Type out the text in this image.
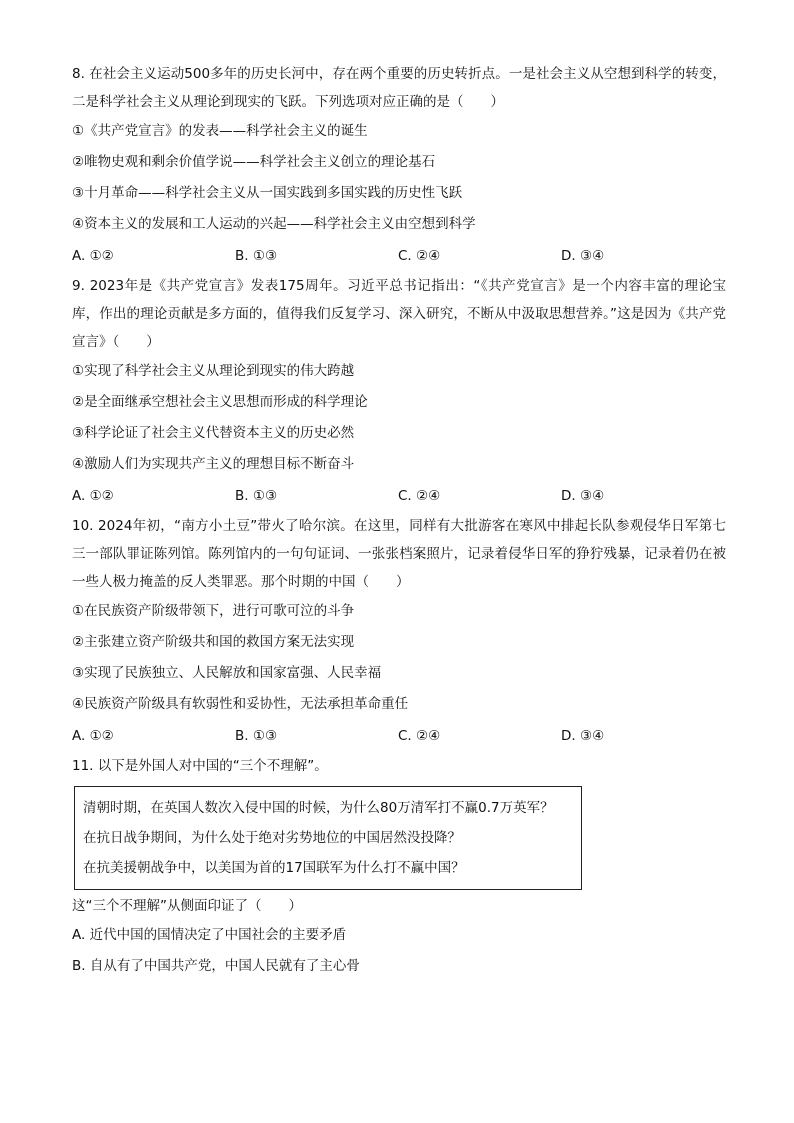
8. 在社会主义运动500多年的历史长河中，存在两个重要的历史转折点。一是社会主义从空想到科学的转变，二是科学社会主义从理论到现实的飞跃。下列选项对应正确的是（　　）

①《共产党宣言》的发表——科学社会主义的诞生

②唯物史观和剩余价值学说——科学社会主义创立的理论基石

③十月革命——科学社会主义从一国实践到多国实践的历史性飞跃

④资本主义的发展和工人运动的兴起——科学社会主义由空想到科学

A. ①②	B. ①③	C. ②④	D. ③④

9. 2023年是《共产党宣言》发表175周年。习近平总书记指出：“《共产党宣言》是一个内容丰富的理论宝库，作出的理论贡献是多方面的，值得我们反复学习、深入研究，不断从中汲取思想营养。”这是因为《共产党宣言》（　　）

①实现了科学社会主义从理论到现实的伟大跨越

②是全面继承空想社会主义思想而形成的科学理论

③科学论证了社会主义代替资本主义的历史必然

④激励人们为实现共产主义的理想目标不断奋斗

A. ①②	B. ①③	C. ②④	D. ③④

10. 2024年初，“南方小土豆”带火了哈尔滨。在这里，同样有大批游客在寒风中排起长队参观侵华日军第七三一部队罪证陈列馆。陈列馆内的一句句证词、一张张档案照片，记录着侵华日军的狰狞残暴，记录着仍在被一些人极力掩盖的反人类罪恶。那个时期的中国（　　）

①在民族资产阶级带领下，进行可歌可泣的斗争

②主张建立资产阶级共和国的救国方案无法实现

③实现了民族独立、人民解放和国家富强、人民幸福

④民族资产阶级具有软弱性和妥协性，无法承担革命重任

A. ①②	B. ①③	C. ②④	D. ③④

11. 以下是外国人对中国的“三个不理解”。

清朝时期，在英国人数次入侵中国的时候，为什么80万清军打不赢0.7万英军？

在抗日战争期间，为什么处于绝对劣势地位的中国居然没投降？

在抗美援朝战争中，以美国为首的17国联军为什么打不赢中国？

这“三个不理解”从侧面印证了（　　）

A. 近代中国的国情决定了中国社会的主要矛盾

B. 自从有了中国共产党，中国人民就有了主心骨
